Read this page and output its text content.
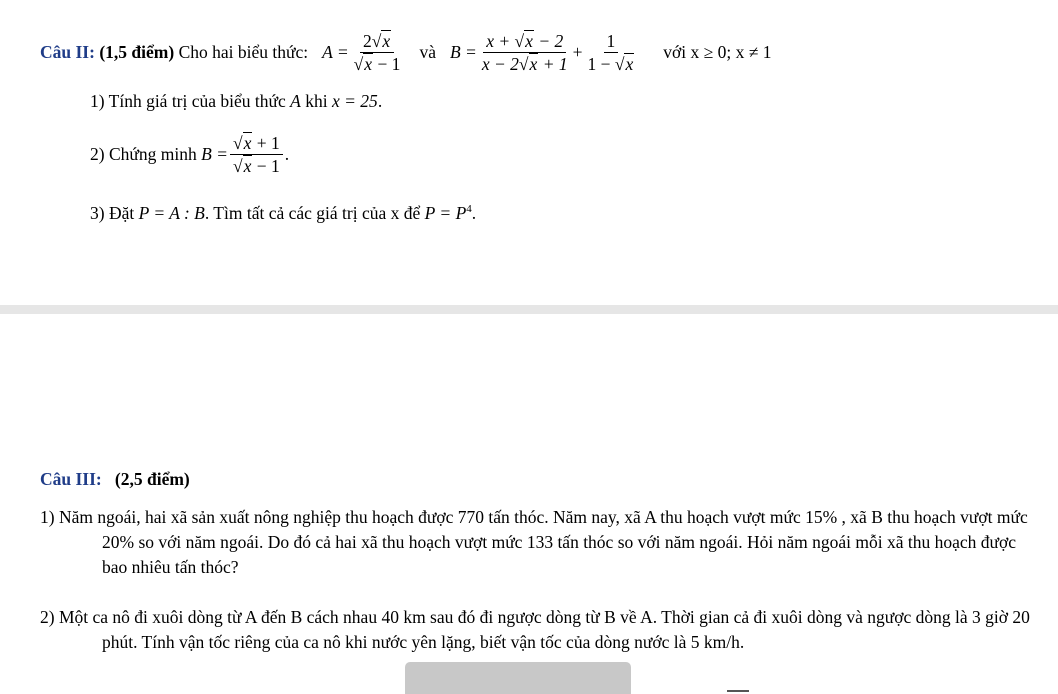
Câu II:
(1,5 điểm)
Cho hai biểu thức: $A = \frac{2√x}{√x - 1}$ và $B = \frac{x + √x - 2}{x - 2√x + 1} + \frac{1}{1 - √x}$ với x ≥ 0; x ≠ 1
1) Tính giá trị của biểu thức A khi x = 25.
2) Chứng minh
$B = \frac{√x + 1}{√x - 1}$ .
3) Đặt P = A : B. Tìm tất cả các giá trị của x để $P = P^4$.
Câu III: (2,5 điểm)
1) Năm ngoái, hai xã sản xuất nông nghiệp thu hoạch được 770 tấn thóc. Năm nay, xã A thu hoạch vượt mức 15% , xã B thu hoạch vượt mức 20% so với năm ngoái. Do đó cả hai xã thu hoạch vượt mức 133 tấn thóc so với năm ngoái. Hỏi năm ngoái mỗi xã thu hoạch được bao nhiêu tấn thóc?
2) Một ca nô đi xuôi dòng từ A đến B cách nhau 40 km sau đó đi ngược dòng từ B về A. Thời gian cả đi xuôi dòng và ngược dòng là 3 giờ 20 phút. Tính vận tốc riêng của ca nô khi nước yên lặng, biết vận tốc của dòng nước là 5 km/h.
